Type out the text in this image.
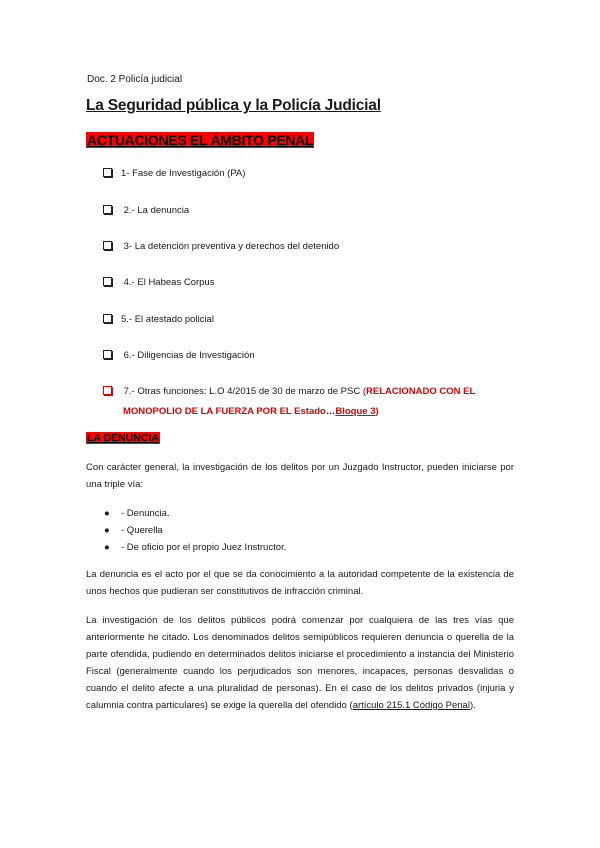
Doc. 2 Policía judicial
La Seguridad pública y la Policía Judicial
ACTUACIONES EL ÁMBITO PENAL
1- Fase de Investigación (PA)
2.- La denuncia
3- La detención preventiva y derechos del detenido
4.- El Habeas Corpus
5.- El atestado policial
6.- Diligencias de Investigación
7.- Otras funciones: L.O 4/2015 de 30 de marzo de PSC (RELACIONADO CON EL
MONOPOLIO DE LA FUERZA POR EL Estado…Bloque 3)
LA DENUNCIA

Con carácter general, la investigación de los delitos por un Juzgado Instructor, pueden iniciarse por una triple vía:

● - Denuncia.
● - Querella
● - De oficio por el propio Juez Instructor.

La denuncia es el acto por el que se da conocimiento a la autoridad competente de la existencia de unos hechos que pudieran ser constitutivos de infracción criminal.

La investigación de los delitos públicos podrá comenzar por cualquiera de las tres vías que anteriormente he citado. Los denominados delitos semipúblicos requieren denuncia o querella de la parte ofendida, pudiendo en determinados delitos iniciarse el procedimiento a instancia del Ministerio Fiscal (generalmente cuando los perjudicados son menores, incapaces, personas desvalidas o cuando el delito afecte a una pluralidad de personas). En el caso de los delitos privados (injuria y calumnia contra particulares) se exige la querella del ofendido (artículo 215.1 Código Penal).
